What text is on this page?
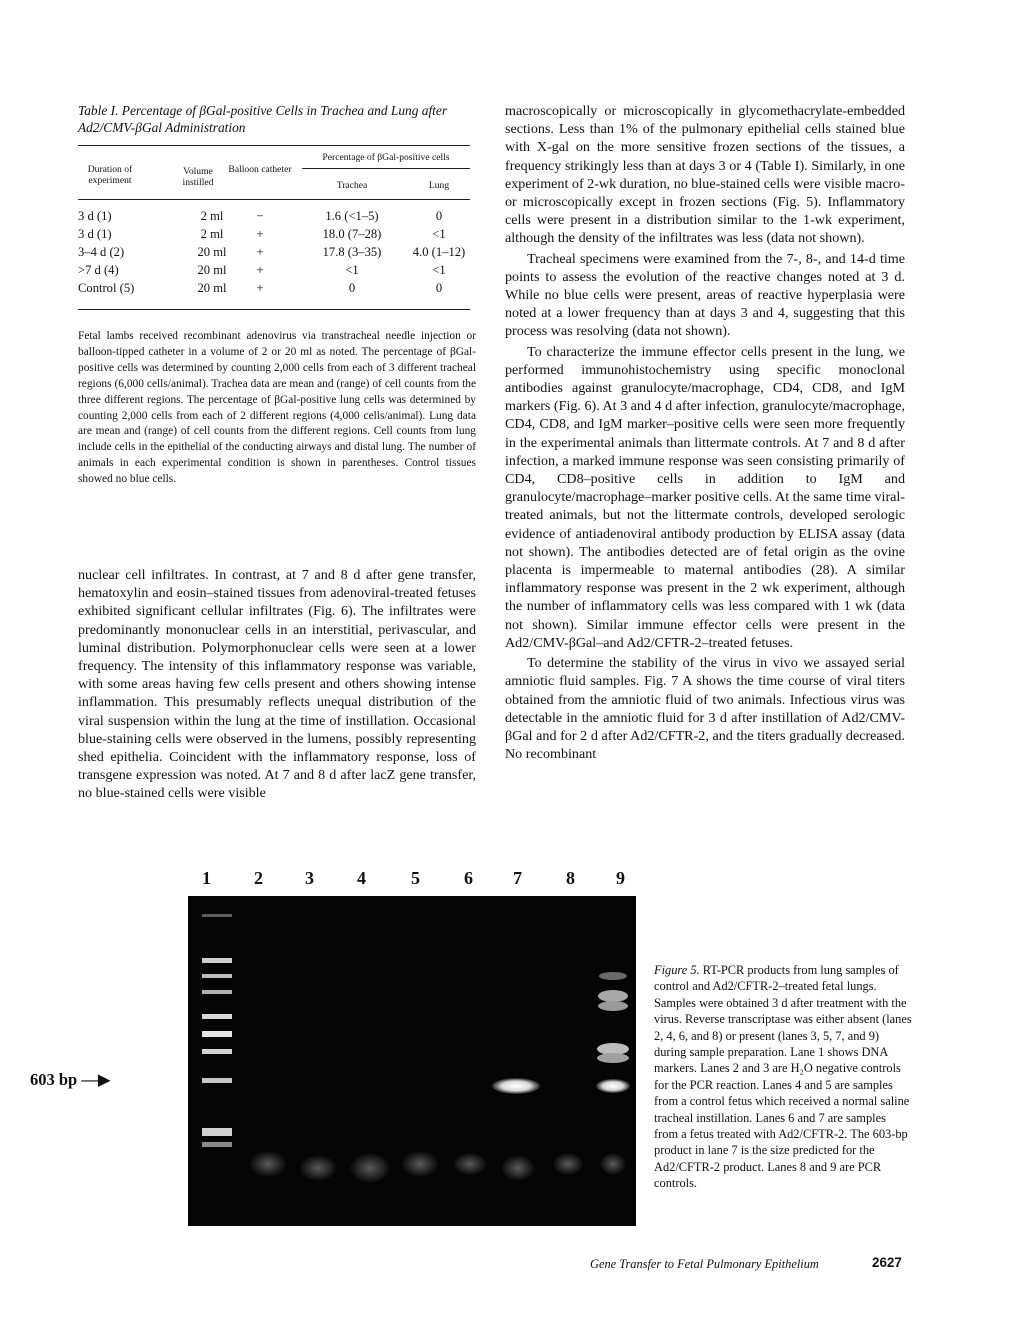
Table I. Percentage of βGal-positive Cells in Trachea and Lung after Ad2/CMV-βGal Administration
Duration of experiment
Volume instilled
Balloon catheter
Percentage of βGal-positive cells
Trachea	Lung
3 d (1)	2 ml	−	1.6 (<1–5)	0
3 d (1)	2 ml	+	18.0 (7–28)	<1
3–4 d (2)	20 ml	+	17.8 (3–35)	4.0 (1–12)
>7 d (4)	20 ml	+	<1	<1
Control (5)	20 ml	+	0	0
Fetal lambs received recombinant adenovirus via transtracheal needle injection or balloon-tipped catheter in a volume of 2 or 20 ml as noted. The percentage of βGal-positive cells was determined by counting 2,000 cells from each of 3 different tracheal regions (6,000 cells/animal). Trachea data are mean and (range) of cell counts from the three different regions. The percentage of βGal-positive lung cells was determined by counting 2,000 cells from each of 2 different regions (4,000 cells/animal). Lung data are mean and (range) of cell counts from the different regions. Cell counts from lung include cells in the epithelial of the conducting airways and distal lung. The number of animals in each experimental condition is shown in parentheses. Control tissues showed no blue cells.

nuclear cell infiltrates. In contrast, at 7 and 8 d after gene transfer, hematoxylin and eosin–stained tissues from adenoviral-treated fetuses exhibited significant cellular infiltrates (Fig. 6). The infiltrates were predominantly mononuclear cells in an interstitial, perivascular, and luminal distribution. Polymorphonuclear cells were seen at a lower frequency. The intensity of this inflammatory response was variable, with some areas having few cells present and others showing intense inflammation. This presumably reflects unequal distribution of the viral suspension within the lung at the time of instillation. Occasional blue-staining cells were observed in the lumens, possibly representing shed epithelia. Coincident with the inflammatory response, loss of transgene expression was noted. At 7 and 8 d after lacZ gene transfer, no blue-stained cells were visible

macroscopically or microscopically in glycomethacrylate-embedded sections. Less than 1% of the pulmonary epithelial cells stained blue with X-gal on the more sensitive frozen sections of the tissues, a frequency strikingly less than at days 3 or 4 (Table I). Similarly, in one experiment of 2-wk duration, no blue-stained cells were visible macro- or microscopically except in frozen sections (Fig. 5). Inflammatory cells were present in a distribution similar to the 1-wk experiment, although the density of the infiltrates was less (data not shown).

Tracheal specimens were examined from the 7-, 8-, and 14-d time points to assess the evolution of the reactive changes noted at 3 d. While no blue cells were present, areas of reactive hyperplasia were noted at a lower frequency than at days 3 and 4, suggesting that this process was resolving (data not shown).

To characterize the immune effector cells present in the lung, we performed immunohistochemistry using specific monoclonal antibodies against granulocyte/macrophage, CD4, CD8, and IgM markers (Fig. 6). At 3 and 4 d after infection, granulocyte/macrophage, CD4, CD8, and IgM marker–positive cells were seen more frequently in the experimental animals than littermate controls. At 7 and 8 d after infection, a marked immune response was seen consisting primarily of CD4, CD8–positive cells in addition to IgM and granulocyte/macrophage–marker positive cells. At the same time viral-treated animals, but not the littermate controls, developed serologic evidence of antiadenoviral antibody production by ELISA assay (data not shown). The antibodies detected are of fetal origin as the ovine placenta is impermeable to maternal antibodies (28). A similar inflammatory response was present in the 2 wk experiment, although the number of inflammatory cells was less compared with 1 wk (data not shown). Similar immune effector cells were present in the Ad2/CMV-βGal–and Ad2/CFTR-2–treated fetuses.

To determine the stability of the virus in vivo we assayed serial amniotic fluid samples. Fig. 7 A shows the time course of viral titers obtained from the amniotic fluid of two animals. Infectious virus was detectable in the amniotic fluid for 3 d after instillation of Ad2/CMV-βGal and for 2 d after Ad2/CFTR-2, and the titers gradually decreased. No recombinant

1 2 3 4	5 6 7 8 9
603 bp —▶
Figure 5. RT-PCR products from lung samples of control and Ad2/CFTR-2–treated fetal lungs. Samples were obtained 3 d after treatment with the virus. Reverse transcriptase was either absent (lanes 2, 4, 6, and 8) or present (lanes 3, 5, 7, and 9) during sample preparation. Lane 1 shows DNA markers. Lanes 2 and 3 are H₂O negative controls for the PCR reaction. Lanes 4 and 5 are samples from a control fetus which received a normal saline tracheal instillation. Lanes 6 and 7 are samples from a fetus treated with Ad2/CFTR-2. The 603-bp product in lane 7 is the size predicted for the Ad2/CFTR-2 product. Lanes 8 and 9 are PCR controls.
Gene Transfer to Fetal Pulmonary Epithelium	2627
